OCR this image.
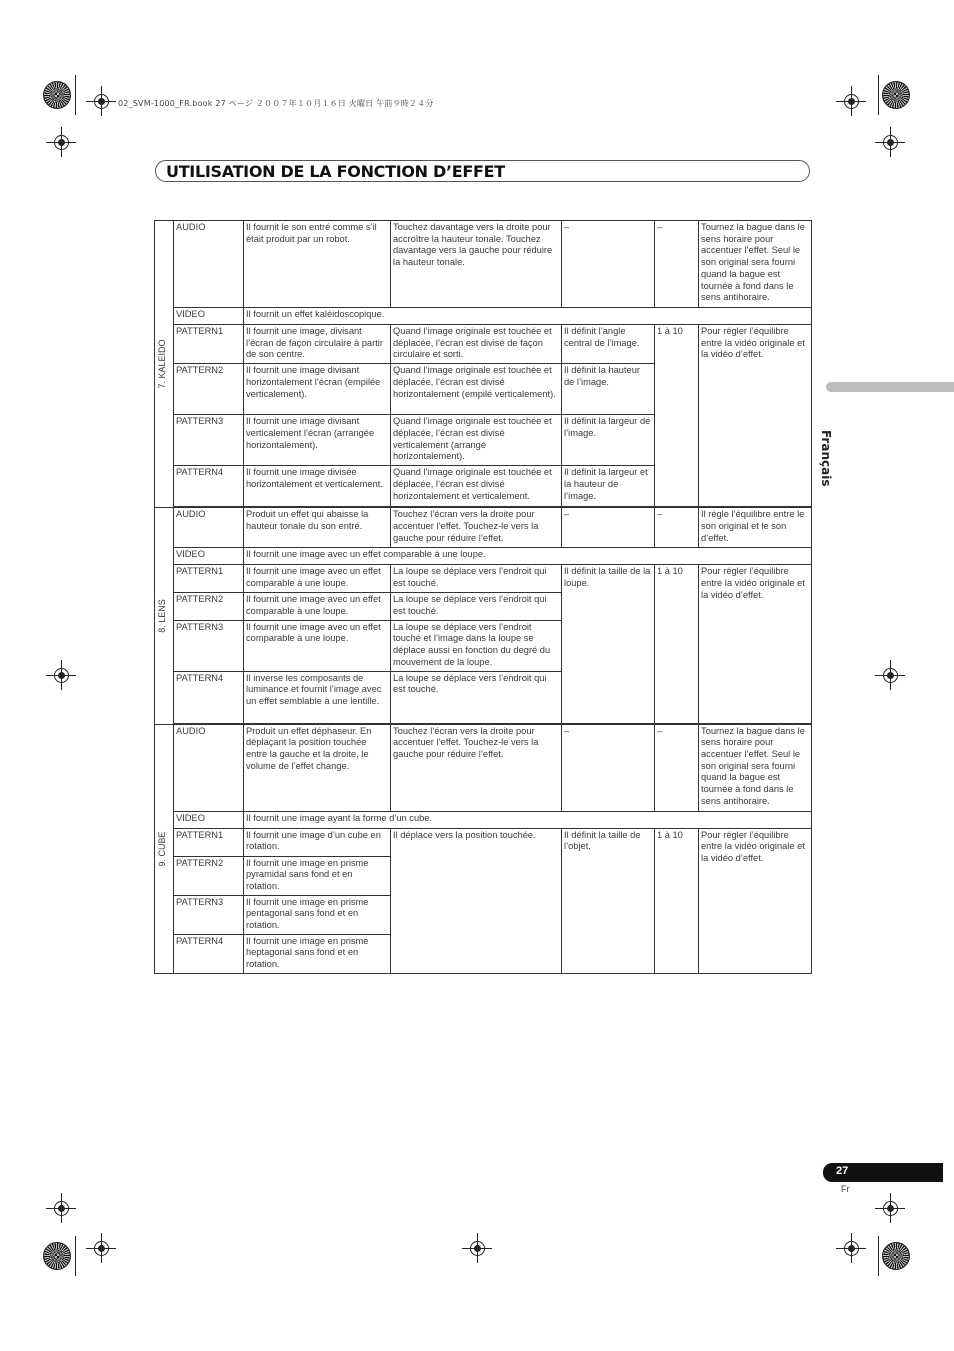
02_SVM-1000_FR.book 27 ページ ２００７年１０月１６日 火曜日 午前９時２４分
UTILISATION DE LA FONCTION D’EFFET
Français
27
Fr
7. KALEIDO	AUDIO	Il fournit le son entré comme s’il était produit par un robot.	Touchez davantage vers la droite pour accroître la hauteur tonale. Touchez davantage vers la gauche pour réduire la hauteur tonale.	–	–	Tournez la bague dans le sens horaire pour accentuer l’effet. Seul le son original sera fourni quand la bague est tournée à fond dans le sens antihoraire.
	VIDEO	Il fournit un effet kaléidoscopique.				
	PATTERN1	Il fournit une image, divisant l’écran de façon circulaire à partir de son centre.	Quand l’image originale est touchée et déplacée, l’écran est divisé de façon circulaire et sorti.	Il définit l’angle central de l’image.	1 à 10	Pour régler l’équilibre entre la vidéo originale et la vidéo d’effet.
	PATTERN2	Il fournit une image divisant horizontalement l’écran (empilée verticalement).	Quand l’image originale est touchée et déplacée, l’écran est divisé horizontalement (empilé verticalement).	Il définit la hauteur de l’image.		
	PATTERN3	Il fournit une image divisant verticalement l’écran (arrangée horizontalement).	Quand l’image originale est touchée et déplacée, l’écran est divisé verticalement (arrangé horizontalement).	Il définit la largeur de l’image.		
	PATTERN4	Il fournit une image divisée horizontalement et verticalement.	Quand l’image originale est touchée et déplacée, l’écran est divisé horizontalement et verticalement.	Il définit la largeur et la hauteur de l’image.		

8. LENS	AUDIO	Produit un effet qui abaisse la hauteur tonale du son entré.	Touchez l’écran vers la droite pour accentuer l’effet. Touchez-le vers la gauche pour réduire l’effet.	–	–	Il règle l’équilibre entre le son original et le son d’effet.
	VIDEO	Il fournit une image avec un effet comparable à une loupe.				
	PATTERN1	Il fournit une image avec un effet comparable à une loupe.	La loupe se déplace vers l’endroit qui est touché.	Il définit la taille de la loupe.	1 à 10	Pour régler l’équilibre entre la vidéo originale et la vidéo d’effet.
	PATTERN2	Il fournit une image avec un effet comparable à une loupe.	La loupe se déplace vers l’endroit qui est touché.			
	PATTERN3	Il fournit une image avec un effet comparable à une loupe.	La loupe se déplace vers l’endroit touché et l’image dans la loupe se déplace aussi en fonction du degré du mouvement de la loupe.			
	PATTERN4	Il inverse les composants de luminance et fournit l’image avec un effet semblable à une lentille.	La loupe se déplace vers l’endroit qui est touché.			

9. CUBE	AUDIO	Produit un effet déphaseur. En déplaçant la position touchée entre la gauche et la droite, le volume de l’effet change.	Touchez l’écran vers la droite pour accentuer l’effet. Touchez-le vers la gauche pour réduire l’effet.	–	–	Tournez la bague dans le sens horaire pour accentuer l’effet. Seul le son original sera fourni quand la bague est tournée à fond dans le sens antihoraire.
	VIDEO	Il fournit une image ayant la forme d’un cube.				
	PATTERN1	Il fournit une image d’un cube en rotation.	Il déplace vers la position touchée.	Il définit la taille de l’objet.	1 à 10	Pour régler l’équilibre entre la vidéo originale et la vidéo d’effet.
	PATTERN2	Il fournit une image en prisme pyramidal sans fond et en rotation.				
	PATTERN3	Il fournit une image en prisme pentagonal sans fond et en rotation.				
	PATTERN4	Il fournit une image en prisme heptagonal sans fond et en rotation.				
